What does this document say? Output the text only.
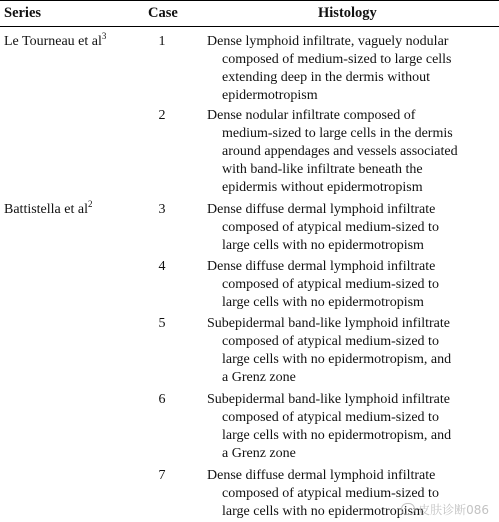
Series	Case	Histology
Le Tourneau et $al^3$	1	Dense lymphoid infiltrate, vaguely nodular
composed of medium-sized to large cells
extending deep in the dermis without
epidermotropism
2	Dense nodular infiltrate composed of
medium-sized to large cells in the dermis
around appendages and vessels associated
with band-like infiltrate beneath the
epidermis without epidermotropism
Battistella et $al^2$	3	Dense diffuse dermal lymphoid infiltrate
composed of atypical medium-sized to
large cells with no epidermotropism
4	Dense diffuse dermal lymphoid infiltrate
composed of atypical medium-sized to
large cells with no epidermotropism
5	Subepidermal band-like lymphoid infiltrate
composed of atypical medium-sized to
large cells with no epidermotropism, and
a Grenz zone
6	Subepidermal band-like lymphoid infiltrate
composed of atypical medium-sized to
large cells with no epidermotropism, and
a Grenz zone
7	Dense diffuse dermal lymphoid infiltrate
composed of atypical medium-sized to
large cells with no epidermotropism
皮肤诊断086
